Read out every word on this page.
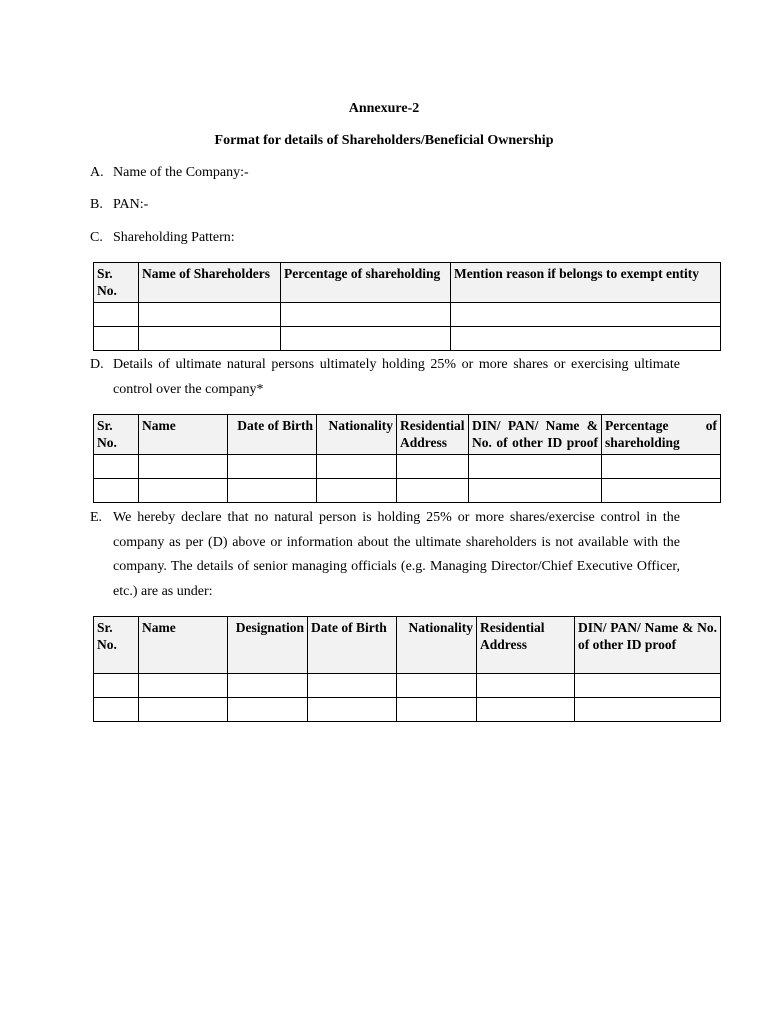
Annexure-2
Format for details of Shareholders/Beneficial Ownership
A. Name of the Company:-
B. PAN:-
C. Shareholding Pattern:
Sr. No.	Name of Shareholders	Percentage of shareholding	Mention reason if belongs to exempt entity

D. Details of ultimate natural persons ultimately holding 25% or more shares or exercising ultimate control over the company*
Sr. No.	Name	Date of Birth	Nationality	Residential Address	DIN/ PAN/ Name & No. of other ID proof	Percentage of shareholding

E. We hereby declare that no natural person is holding 25% or more shares/exercise control in the company as per (D) above or information about the ultimate shareholders is not available with the company. The details of senior managing officials (e.g. Managing Director/Chief Executive Officer, etc.) are as under:
Sr. No.	Name	Designation	Date of Birth	Nationality	Residential Address	DIN/ PAN/ Name & No.
of other ID proof
